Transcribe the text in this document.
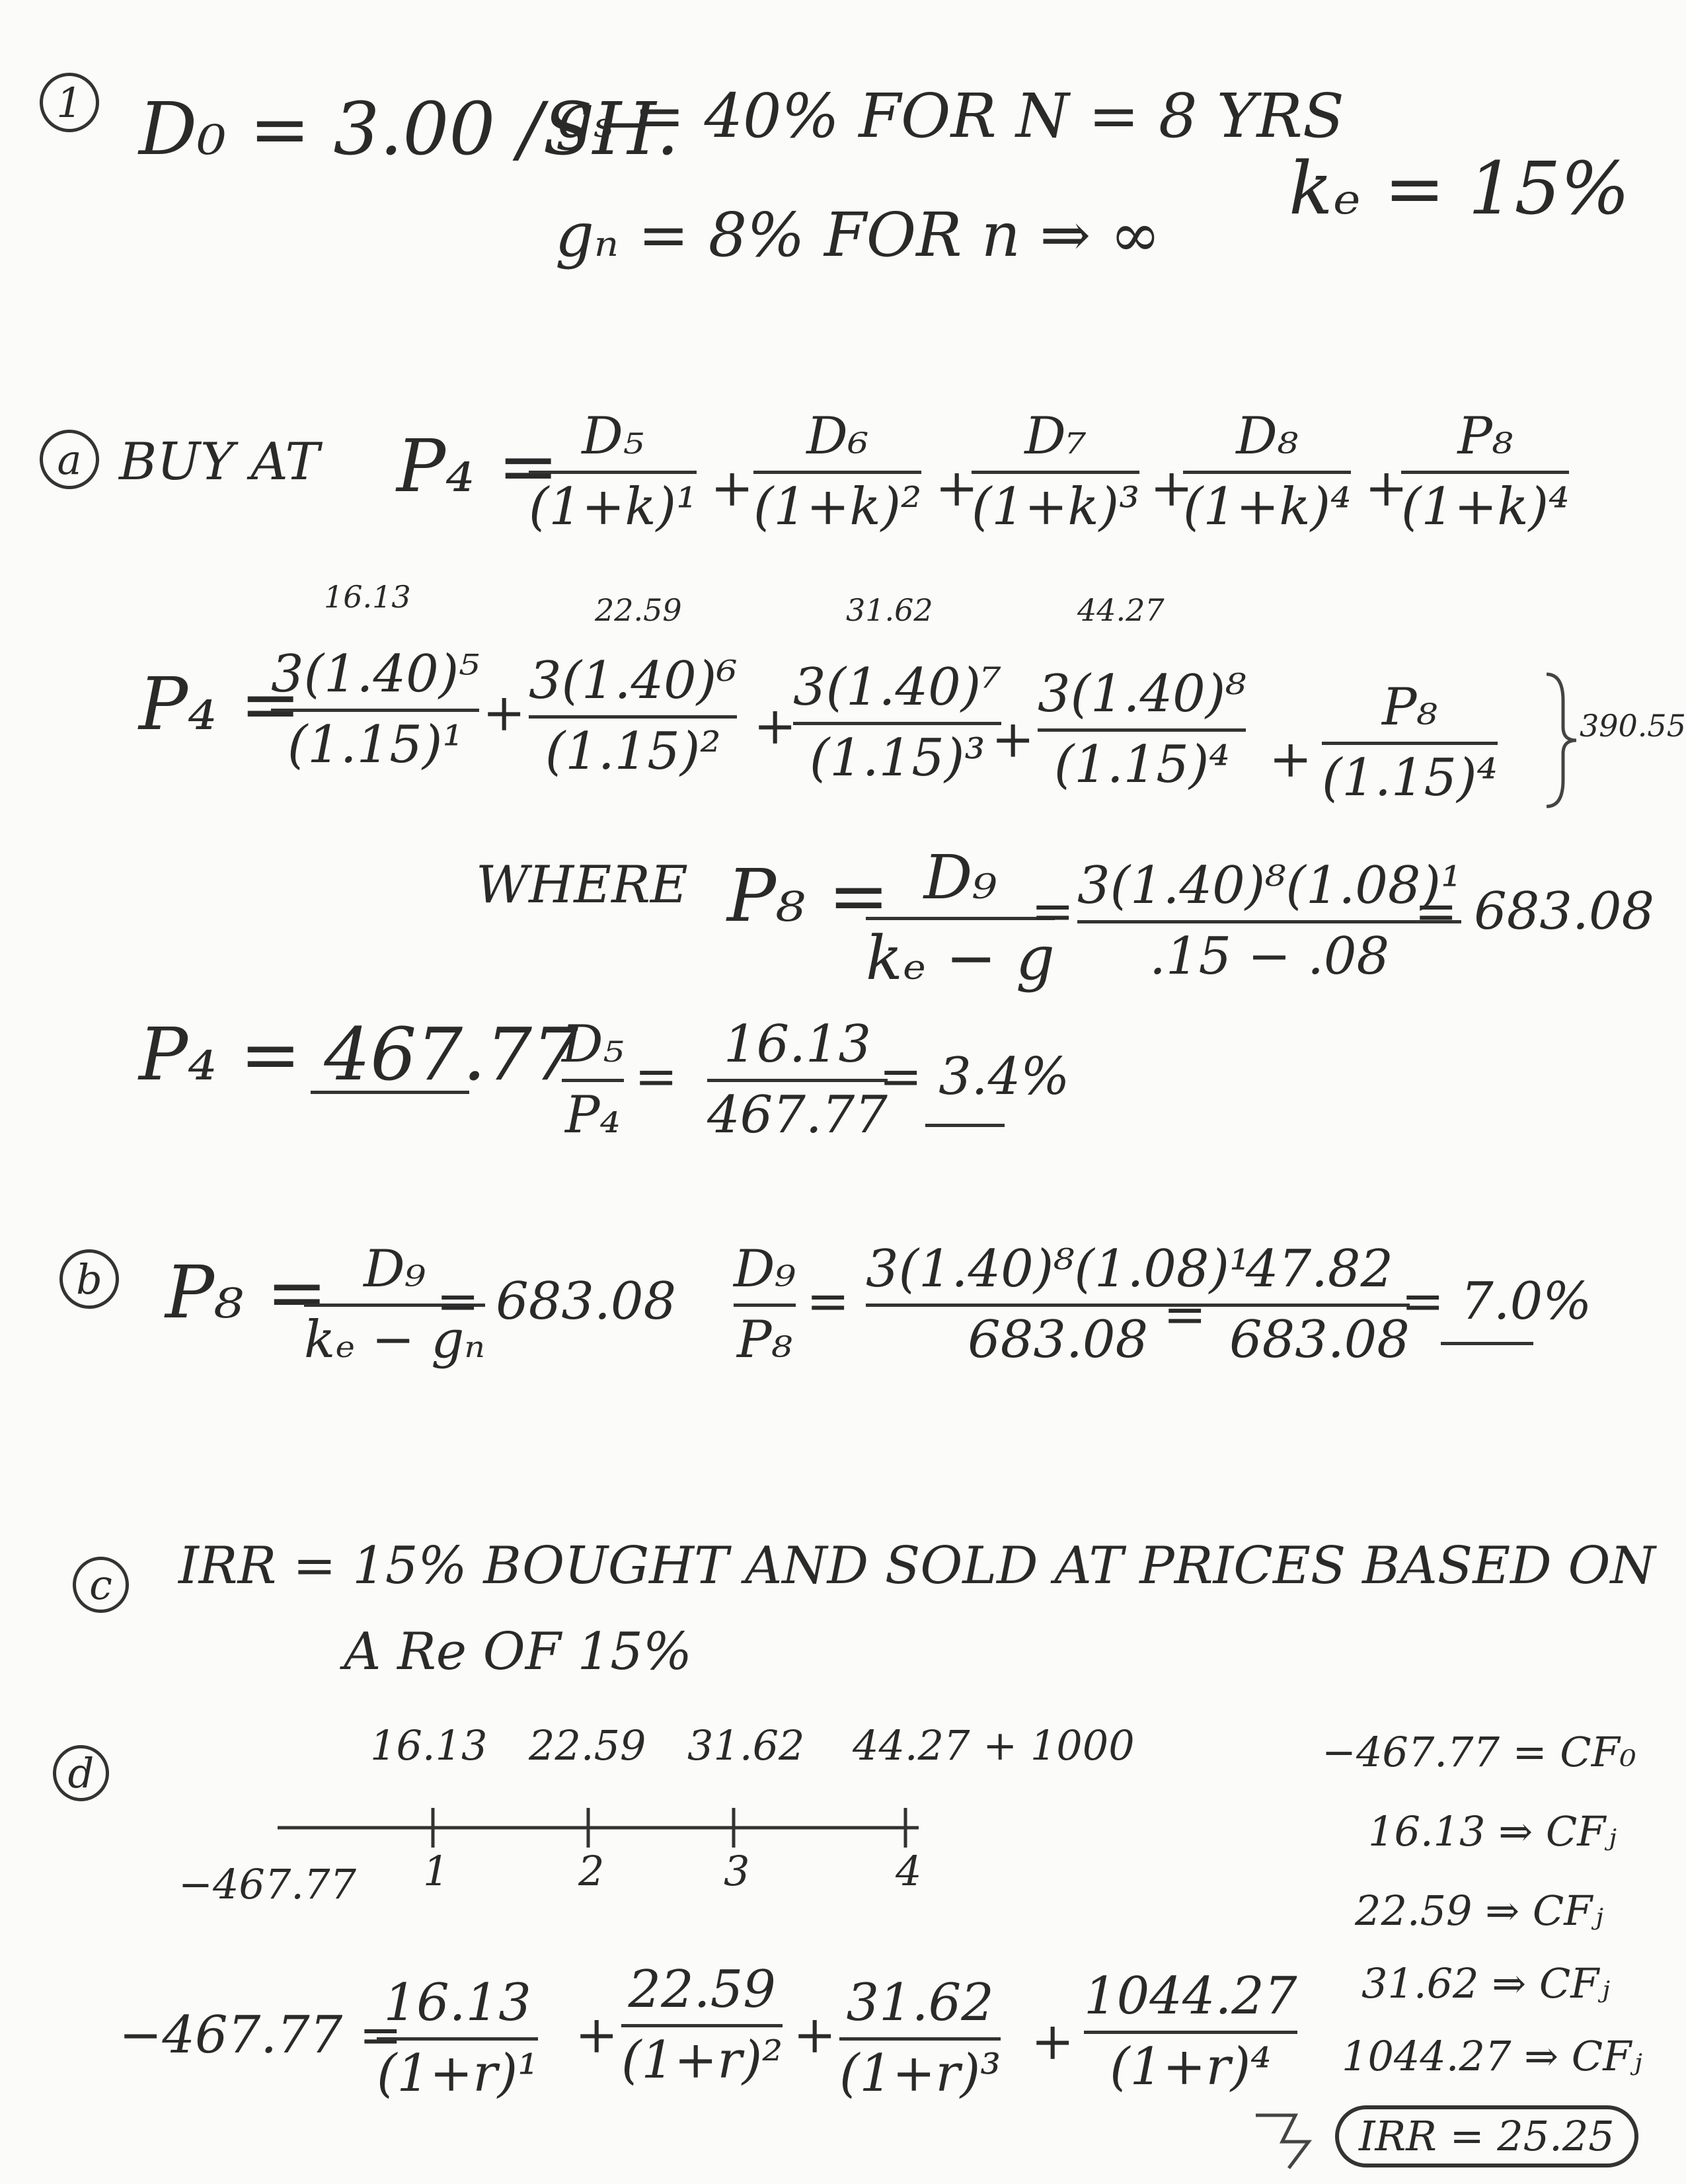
1 D₀ = 3.00 /SH.
gₛ = 40% FOR N = 8 YRS
gₙ = 8% FOR n ⇒ ∞
kₑ = 15%
a BUY AT P₄ = D₅
(1+k)¹ +
D₆
(1+k)² +
D₇
(1+k)³ +
D₈
(1+k)⁴ +
P₈
(1+k)⁴
16.13	22.59	31.62	44.27
P₄ =
3(1.40)⁵
(1.15)¹
+
3(1.40)⁶
(1.15)² +
3(1.40)⁷
(1.15)³ +
3(1.40)⁸
(1.15)⁴ +
P₈
(1.15)⁴
390.55
WHERE P₈ = D₉
kₑ − g
= 3(1.40)⁸(1.08)¹
.15 − .08
= 683.08
P₄ = 467.77
D₅
P₄
=
16.13
467.77
= 3.4%
b P₈ = D₉
kₑ − gₙ
= 683.08
D₉
P₈
=
3(1.40)⁸(1.08)¹
683.08 =
47.82
683.08
= 7.0%
c IRR = 15% BOUGHT AND SOLD AT PRICES BASED ON
A Re OF 15%
d
16.13 22.59 31.62 44.27 + 1000
1	2	3	4
−467.77
−467.77 =
16.13
(1+r)¹
+
22.59
(1+r)² +
31.62
(1+r)³
+
1044.27
(1+r)⁴
−467.77 = CF₀
16.13 ⇒ CFⱼ
22.59 ⇒ CFⱼ
31.62 ⇒ CFⱼ
1044.27 ⇒ CFⱼ
IRR = 25.25
